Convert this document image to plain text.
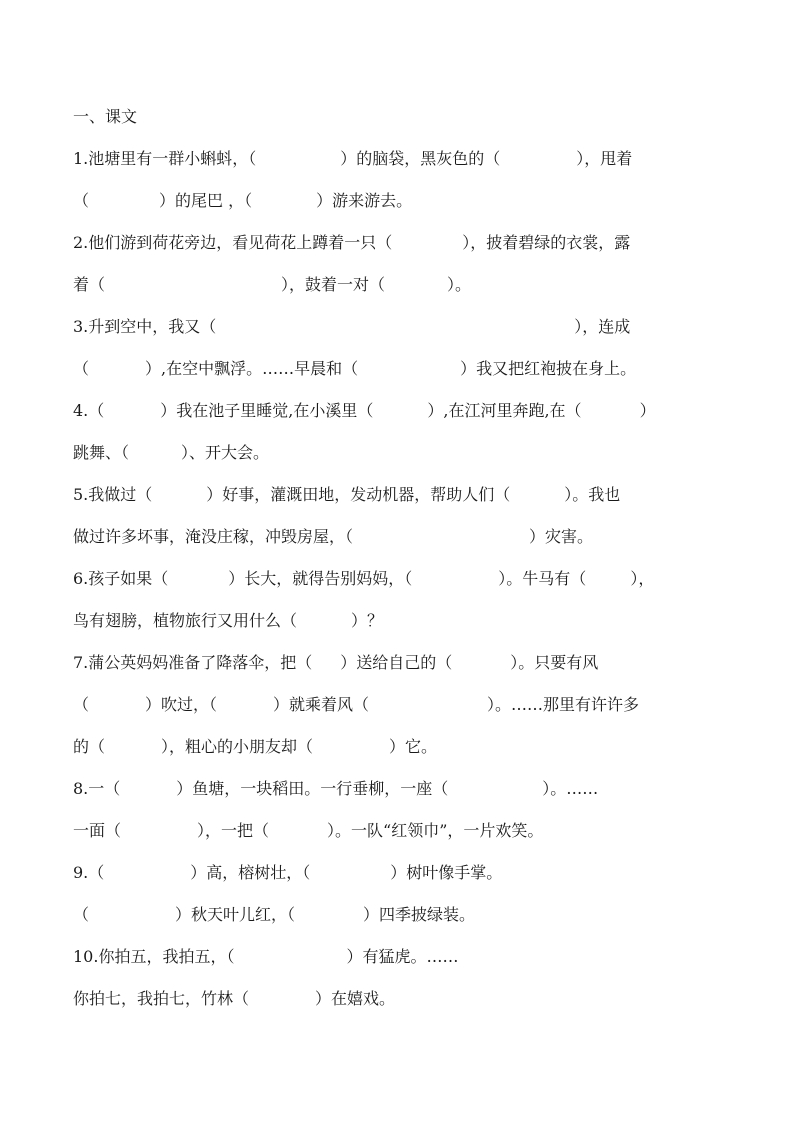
一、课文
1.池塘里有一群小蝌蚪，（	）的脑袋，黑灰色的（	），甩着
（	）的尾巴 ，（	）游来游去。
2.他们游到荷花旁边，看见荷花上蹲着一只（	），披着碧绿的衣裳，露
着（	），鼓着一对（	）。
3.升到空中，我又（	），连成
（	）,在空中飘浮。……早晨和（	）我又把红袍披在身上。
4.（	）我在池子里睡觉,在小溪里（	）,在江河里奔跑,在（	）
跳舞、（	）、开大会。
5.我做过（	）好事，灌溉田地，发动机器，帮助人们（	）。我也
做过许多坏事，淹没庄稼，冲毁房屋，（	）灾害。
6.孩子如果（	）长大，就得告别妈妈，（	）。牛马有（	），
鸟有翅膀，植物旅行又用什么（	）？
7.蒲公英妈妈准备了降落伞，把（ ）送给自己的（	）。只要有风
（	）吹过，（	）就乘着风（	）。……那里有许许多
的（	），粗心的小朋友却（	）它。
8.一（	）鱼塘，一块稻田。一行垂柳，一座（	）。……
一面（	），一把（	）。一队“红领巾”，一片欢笑。
9.（	）高，榕树壮，（	）树叶像手掌。
（	）秋天叶儿红，（	）四季披绿装。
10.你拍五，我拍五，（	）有猛虎。……
你拍七，我拍七，竹林（	）在嬉戏。
